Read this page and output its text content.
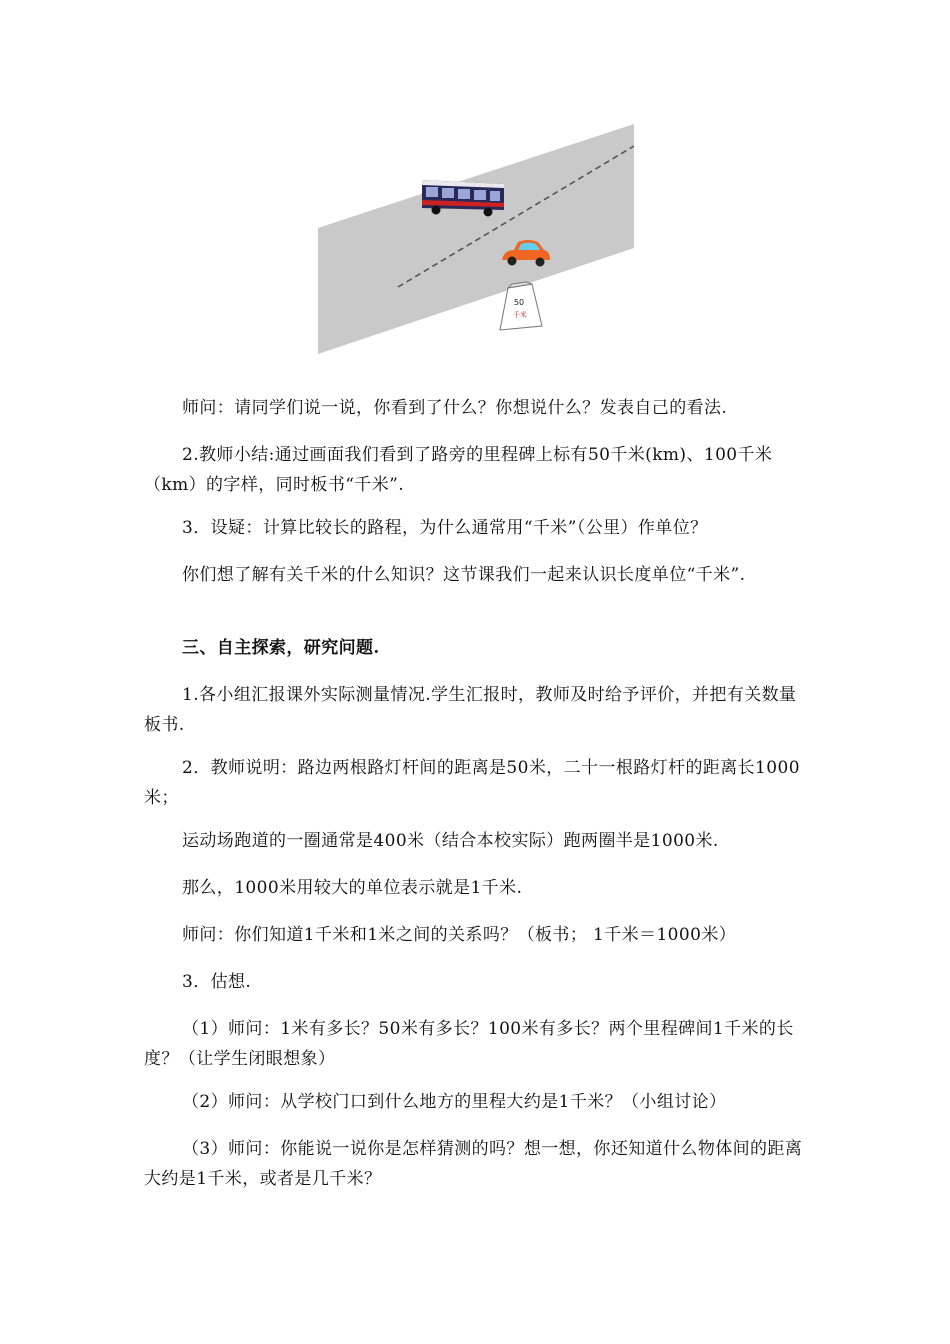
50
千米

师问：请同学们说一说，你看到了什么？你想说什么？发表自己的看法.

2.教师小结:通过画面我们看到了路旁的里程碑上标有50千米(km)、100千米（km）的字样，同时板书“千米”.

3．设疑：计算比较长的路程，为什么通常用“千米”（公里）作单位？

你们想了解有关千米的什么知识？这节课我们一起来认识长度单位“千米”.

三、自主探索，研究问题.

1.各小组汇报课外实际测量情况.学生汇报时，教师及时给予评价，并把有关数量板书.

2．教师说明：路边两根路灯杆间的距离是50米，二十一根路灯杆的距离长1000米；

运动场跑道的一圈通常是400米（结合本校实际）跑两圈半是1000米.

那么，1000米用较大的单位表示就是1千米.

师问：你们知道1千米和1米之间的关系吗？（板书； 1千米＝1000米）

3．估想.

（1）师问：1米有多长？50米有多长？100米有多长？两个里程碑间1千米的长度？（让学生闭眼想象）

（2）师问：从学校门口到什么地方的里程大约是1千米？（小组讨论）

（3）师问：你能说一说你是怎样猜测的吗？想一想，你还知道什么物体间的距离大约是1千米，或者是几千米？
